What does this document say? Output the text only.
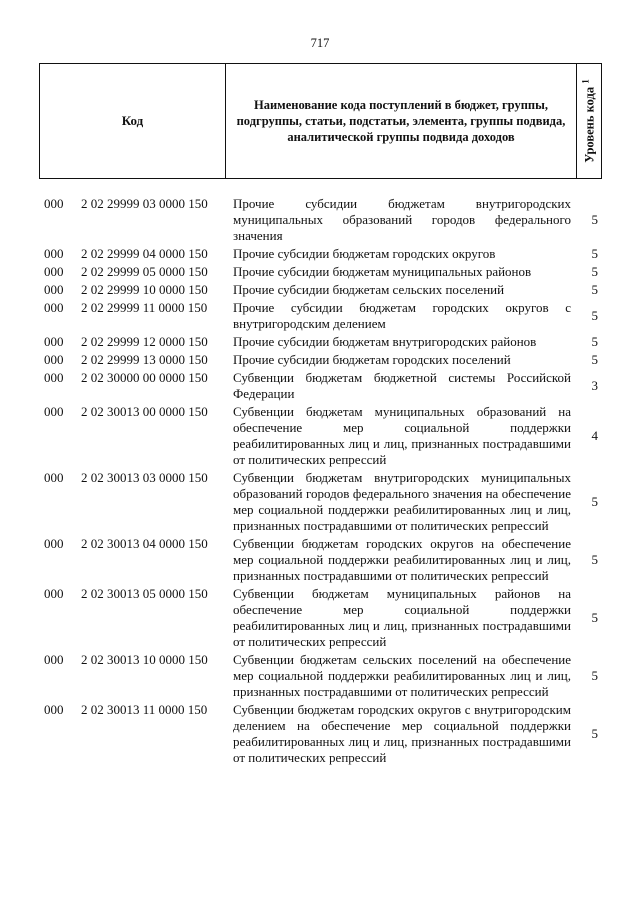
717
Код
Наименование кода поступлений в бюджет, группы, подгруппы, статьи, подстатьи, элемента, группы подвида, аналитической группы подвида доходов	Уровень кода $^1$
000 2 02 29999 03 0000 150 Прочие субсидии бюджетам внутригородских муниципальных образований городов федерального значения
5
000 2 02 29999 04 0000 150 Прочие субсидии бюджетам городских округов	5
000 2 02 29999 05 0000 150 Прочие субсидии бюджетам муниципальных районов	5
000 2 02 29999 10 0000 150 Прочие субсидии бюджетам сельских поселений	5
000 2 02 29999 11 0000 150 Прочие субсидии бюджетам городских округов с внутригородским делением
5
000 2 02 29999 12 0000 150 Прочие субсидии бюджетам внутригородских районов	5
000 2 02 29999 13 0000 150 Прочие субсидии бюджетам городских поселений	5
000 2 02 30000 00 0000 150 Субвенции бюджетам бюджетной системы Российской Федерации
3
000 2 02 30013 00 0000 150 Субвенции бюджетам муниципальных образований на обеспечение мер социальной поддержки реабилитированных лиц и лиц, признанных пострадавшими от политических репрессий
4
000 2 02 30013 03 0000 150 Субвенции бюджетам внутригородских муниципальных образований городов федерального значения на обеспечение мер социальной поддержки реабилитированных лиц и лиц, признанных пострадавшими от политических репрессий
5
000 2 02 30013 04 0000 150 Субвенции бюджетам городских округов на обеспечение мер социальной поддержки реабилитированных лиц и лиц, признанных пострадавшими от политических репрессий
5
000 2 02 30013 05 0000 150 Субвенции бюджетам муниципальных районов на обеспечение мер социальной поддержки реабилитированных лиц и лиц, признанных пострадавшими от политических репрессий
5
000 2 02 30013 10 0000 150 Субвенции бюджетам сельских поселений на обеспечение мер социальной поддержки реабилитированных лиц и лиц, признанных пострадавшими от политических репрессий
5
000 2 02 30013 11 0000 150 Субвенции бюджетам городских округов с внутригородским делением на обеспечение мер социальной поддержки реабилитированных лиц и лиц, признанных пострадавшими от политических репрессий
5
